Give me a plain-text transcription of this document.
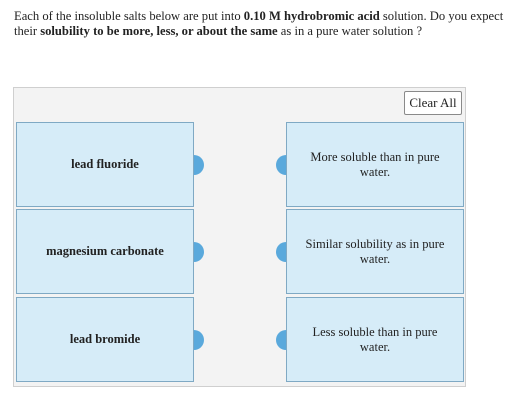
Each of the insoluble salts below are put into 0.10 M hydrobromic acid solution. Do you expect their solubility to be more, less, or about the same as in a pure water solution ?
Clear All
lead fluoride
magnesium carbonate
lead bromide
More soluble than in pure water.
Similar solubility as in pure water.
Less soluble than in pure water.
